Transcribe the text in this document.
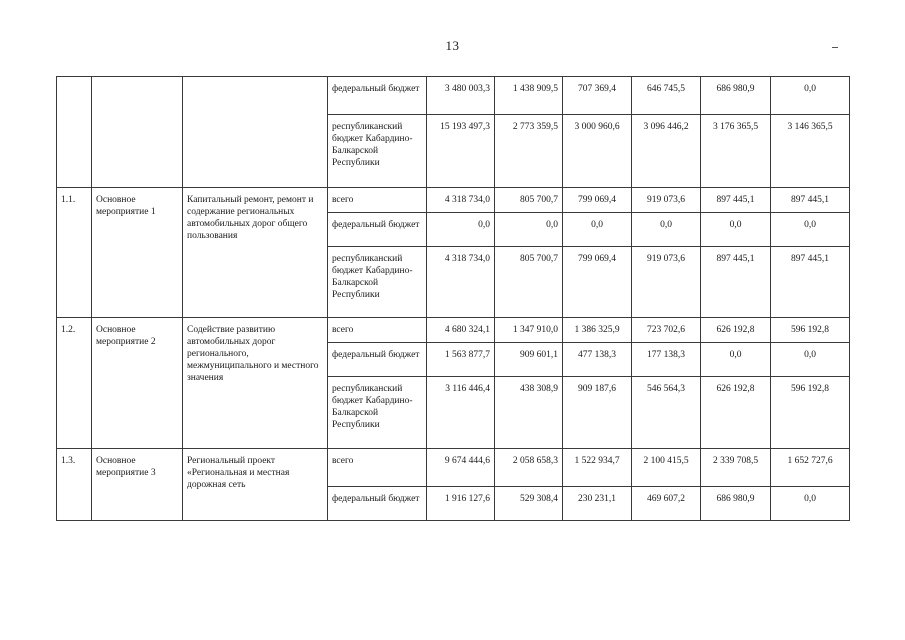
13
			федеральный бюджет	3 480 003,3	1 438 909,5	707 369,4	646 745,5	686 980,9	0,0
			республиканский бюджет Кабардино-Балкарской Республики	15 193 497,3	2 773 359,5	3 000 960,6	3 096 446,2	3 176 365,5	3 146 365,5
1.1.	Основное мероприятие 1	Капитальный ремонт, ремонт и содержание региональных автомобильных дорог общего пользования	всего	4 318 734,0	805 700,7	799 069,4	919 073,6	897 445,1	897 445,1
			федеральный бюджет	0,0	0,0	0,0	0,0	0,0	0,0
			республиканский бюджет Кабардино-Балкарской Республики	4 318 734,0	805 700,7	799 069,4	919 073,6	897 445,1	897 445,1
1.2.	Основное мероприятие 2	Содействие развитию автомобильных дорог регионального, межмуниципального и местного значения	всего	4 680 324,1	1 347 910,0	1 386 325,9	723 702,6	626 192,8	596 192,8
			федеральный бюджет	1 563 877,7	909 601,1	477 138,3	177 138,3	0,0	0,0
			республиканский бюджет Кабардино-Балкарской Республики	3 116 446,4	438 308,9	909 187,6	546 564,3	626 192,8	596 192,8
1.3.	Основное мероприятие 3	Региональный проект «Региональная и местная дорожная сеть	всего	9 674 444,6	2 058 658,3	1 522 934,7	2 100 415,5	2 339 708,5	1 652 727,6
			федеральный бюджет	1 916 127,6	529 308,4	230 231,1	469 607,2	686 980,9	0,0
